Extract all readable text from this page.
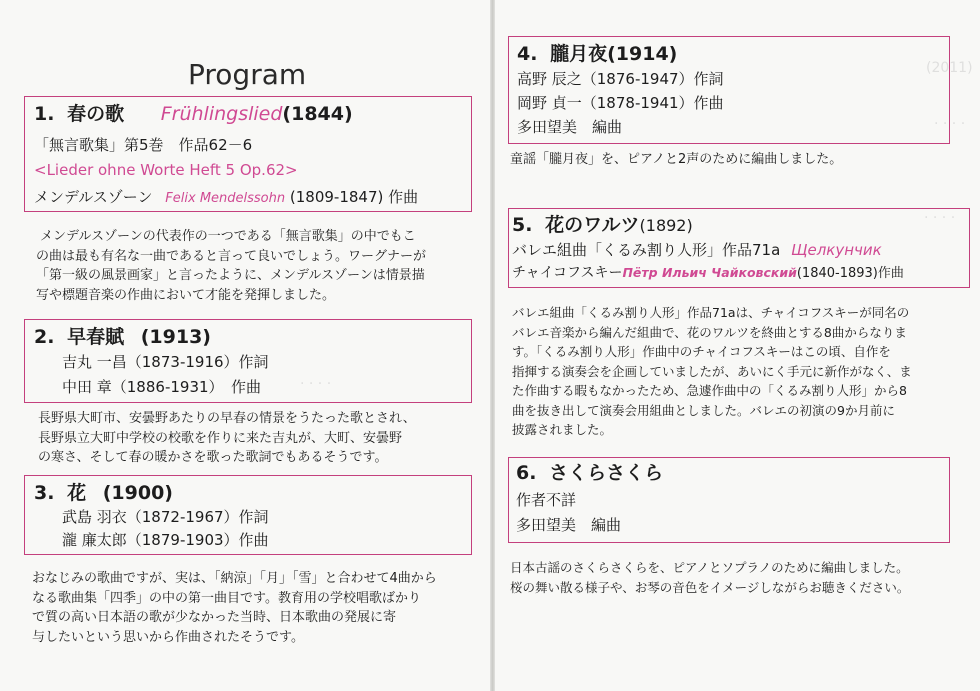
. . . .
(2011)
. . . .
. . . .
Program
1. 春の歌 Frühlingslied(1844)
「無言歌集」第5巻　作品62－6
<Lieder ohne Worte Heft 5 Op.62>
メンデルスゾーン Felix Mendelssohn (1809-1847) 作曲
メンデルスゾーンの代表作の一つである「無言歌集」の中でもこ
の曲は最も有名な一曲であると言って良いでしょう。ワーグナーが
「第一級の風景画家」と言ったように、メンデルスゾーンは情景描
写や標題音楽の作曲において才能を発揮しました。
2. 早春賦 (1913)
吉丸 一昌（1873-1916）作詞
中田 章（1886-1931）　作曲
長野県大町市、安曇野あたりの早春の情景をうたった歌とされ、
長野県立大町中学校の校歌を作りに来た吉丸が、大町、安曇野
の寒さ、そして春の暖かさを歌った歌詞でもあるそうです。
3. 花 (1900)
武島 羽衣（1872-1967）作詞
瀧 廉太郎（1879-1903）作曲
おなじみの歌曲ですが、実は、「納涼」「月」「雪」と合わせて4曲から
なる歌曲集「四季」の中の第一曲目です。教育用の学校唱歌ばかり
で質の高い日本語の歌が少なかった当時、日本歌曲の発展に寄
与したいという思いから作曲されたそうです。
4. 朧月夜(1914)
高野 辰之（1876-1947）作詞
岡野 貞一（1878-1941）作曲
多田望美　編曲
童謡「朧月夜」を、ピアノと2声のために編曲しました。
5. 花のワルツ(1892)
バレエ組曲「くるみ割り人形」作品71a Щелкунчик
チャイコフスキーПётр Ильич Чайковский(1840-1893)作曲
バレエ組曲「くるみ割り人形」作品71aは、チャイコフスキーが同名の
バレエ音楽から編んだ組曲で、花のワルツを終曲とする8曲からなりま
す。「くるみ割り人形」作曲中のチャイコフスキーはこの頃、自作を
指揮する演奏会を企画していましたが、あいにく手元に新作がなく、ま
た作曲する暇もなかったため、急遽作曲中の「くるみ割り人形」から8
曲を抜き出して演奏会用組曲としました。バレエの初演の9か月前に
披露されました。
6. さくらさくら
作者不詳
多田望美　編曲
日本古謡のさくらさくらを、ピアノとソプラノのために編曲しました。
桜の舞い散る様子や、お琴の音色をイメージしながらお聴きください。
